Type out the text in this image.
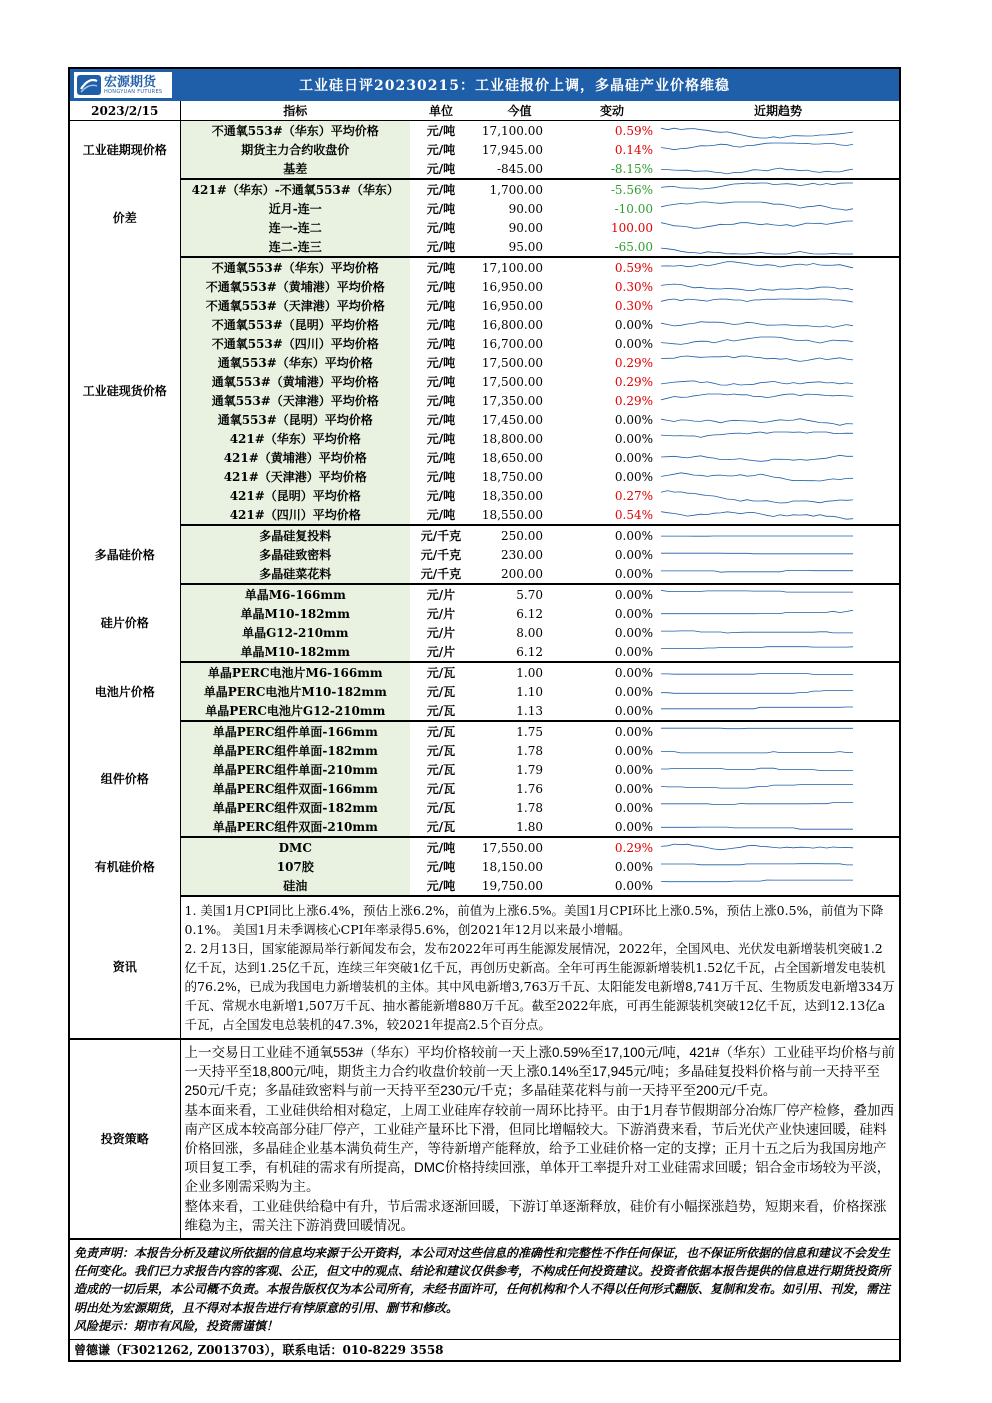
宏源期货
HONGYUAN FUTURES	工业硅日评20230215：工业硅报价上调，多晶硅产业价格维稳
2023/2/15	指标	单位	今值	变动	近期趋势
工业硅期现价格	不通氧553#（华东）平均价格	元/吨	17,100.00	0.59%	

	期货主力合约收盘价	元/吨	17,945.00	0.14%	

	基差	元/吨	-845.00	-8.15%	

价差	421#（华东）-不通氧553#（华东）	元/吨	1,700.00	-5.56%	

	近月-连一	元/吨	90.00	-10.00	

	连一-连二	元/吨	90.00	100.00	

	连二-连三	元/吨	95.00	-65.00	

工业硅现货价格	不通氧553#（华东）平均价格	元/吨	17,100.00	0.59%	

	不通氧553#（黄埔港）平均价格	元/吨	16,950.00	0.30%	

	不通氧553#（天津港）平均价格	元/吨	16,950.00	0.30%	

	不通氧553#（昆明）平均价格	元/吨	16,800.00	0.00%	

	不通氧553#（四川）平均价格	元/吨	16,700.00	0.00%	

	通氧553#（华东）平均价格	元/吨	17,500.00	0.29%	

	通氧553#（黄埔港）平均价格	元/吨	17,500.00	0.29%	

	通氧553#（天津港）平均价格	元/吨	17,350.00	0.29%	

	通氧553#（昆明）平均价格	元/吨	17,450.00	0.00%	

	421#（华东）平均价格	元/吨	18,800.00	0.00%	

	421#（黄埔港）平均价格	元/吨	18,650.00	0.00%	

	421#（天津港）平均价格	元/吨	18,750.00	0.00%	

	421#（昆明）平均价格	元/吨	18,350.00	0.27%	

	421#（四川）平均价格	元/吨	18,550.00	0.54%	

多晶硅价格	多晶硅复投料	元/千克	250.00	0.00%	

	多晶硅致密料	元/千克	230.00	0.00%	

	多晶硅菜花料	元/千克	200.00	0.00%	

硅片价格	单晶M6-166mm	元/片	5.70	0.00%	

	单晶M10-182mm	元/片	6.12	0.00%	

	单晶G12-210mm	元/片	8.00	0.00%	

	单晶M10-182mm	元/片	6.12	0.00%	

电池片价格	单晶PERC电池片M6-166mm	元/瓦	1.00	0.00%	

	单晶PERC电池片M10-182mm	元/瓦	1.10	0.00%	

	单晶PERC电池片G12-210mm	元/瓦	1.13	0.00%	

组件价格	单晶PERC组件单面-166mm	元/瓦	1.75	0.00%	

	单晶PERC组件单面-182mm	元/瓦	1.78	0.00%	

	单晶PERC组件单面-210mm	元/瓦	1.79	0.00%	

	单晶PERC组件双面-166mm	元/瓦	1.76	0.00%	

	单晶PERC组件双面-182mm	元/瓦	1.78	0.00%	

	单晶PERC组件双面-210mm	元/瓦	1.80	0.00%	

有机硅价格	DMC	元/吨	17,550.00	0.29%	

	107胶	元/吨	18,150.00	0.00%	

	硅油	元/吨	19,750.00	0.00%	

资讯	1. 美国1月CPI同比上涨6.4%，预估上涨6.2%，前值为上涨6.5%。美国1月CPI环比上涨0.5%，预估上涨0.5%，前值为下降0.1%。 美国1月未季调核心CPI年率录得5.6%，创2021年12月以来最小增幅。
2. 2月13日，国家能源局举行新闻发布会，发布2022年可再生能源发展情况，2022年，全国风电、光伏发电新增装机突破1.2亿千瓦，达到1.25亿千瓦，连续三年突破1亿千瓦，再创历史新高。全年可再生能源新增装机1.52亿千瓦，占全国新增发电装机的76.2%，已成为我国电力新增装机的主体。其中风电新增3,763万千瓦、太阳能发电新增8,741万千瓦、生物质发电新增334万千瓦、常规水电新增1,507万千瓦、抽水蓄能新增880万千瓦。截至2022年底，可再生能源装机突破12亿千瓦，达到12.13亿a千瓦，占全国发电总装机的47.3%，较2021年提高2.5个百分点。				

投资策略	上一交易日工业硅不通氧553#（华东）平均价格较前一天上涨0.59%至17,100元/吨，421#（华东）工业硅平均价格与前一天持平至18,800元/吨，期货主力合约收盘价较前一天上涨0.14%至17,945元/吨；多晶硅复投料价格与前一天持平至250元/千克；多晶硅致密料与前一天持平至230元/千克；多晶硅菜花料与前一天持平至200元/千克。
基本面来看，工业硅供给相对稳定，上周工业硅库存较前一周环比持平。由于1月春节假期部分冶炼厂停产检修，叠加西南产区成本较高部分硅厂停产，工业硅产量环比下滑，但同比增幅较大。下游消费来看，节后光伏产业快速回暖，硅料价格回涨，多晶硅企业基本满负荷生产，等待新增产能释放，给予工业硅价格一定的支撑；正月十五之后为我国房地产项目复工季，有机硅的需求有所提高，DMC价格持续回涨，单体开工率提升对工业硅需求回暖；铝合金市场较为平淡，企业多刚需采购为主。
整体来看，工业硅供给稳中有升，节后需求逐渐回暖，下游订单逐渐释放，硅价有小幅探涨趋势，短期来看，价格探涨维稳为主，需关注下游消费回暖情况。				
免责声明：本报告分析及建议所依据的信息均来源于公开资料，本公司对这些信息的准确性和完整性不作任何保证，也不保证所依据的信息和建议不会发生任何变化。我们已力求报告内容的客观、公正，但文中的观点、结论和建议仅供参考，不构成任何投资建议。投资者依据本报告提供的信息进行期货投资所造成的一切后果，本公司概不负责。本报告版权仅为本公司所有，未经书面许可，任何机构和个人不得以任何形式翻版、复制和发布。如引用、刊发，需注明出处为宏源期货，且不得对本报告进行有悖原意的引用、删节和修改。
风险提示：期市有风险，投资需谨慎！
曾德谦（F3021262, Z0013703），联系电话：010-8229 3558
